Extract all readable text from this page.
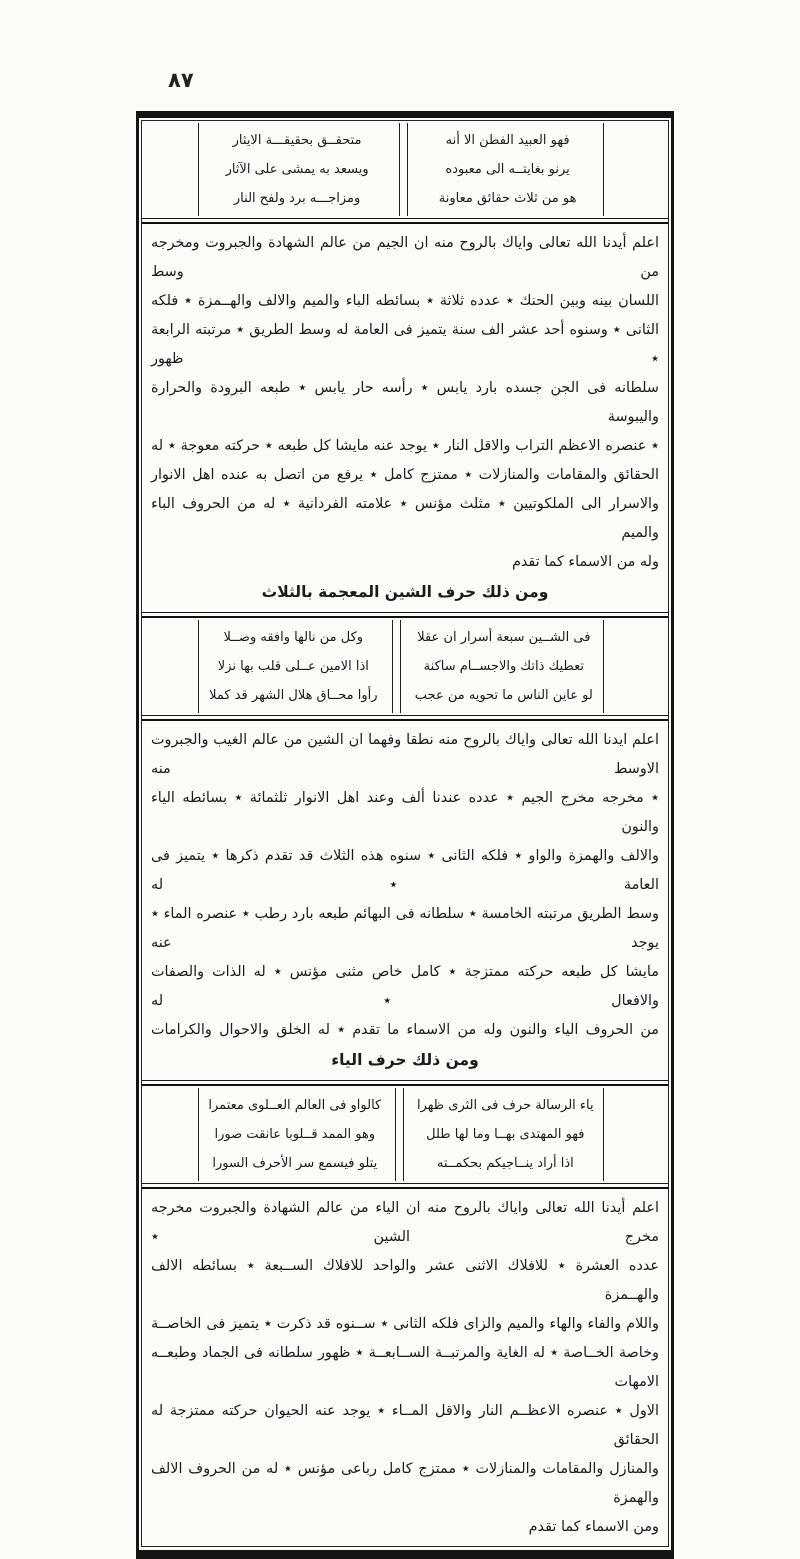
٨٧
متحقــق بحقيقـــة الايثار
ويسعد به يمشى على الآثار
ومزاجـــه برد ولفح النار
فهو العبيد الفطن الا أنه
يرنو بغايتــه الى معبوده
هو من ثلاث حقائق معاونة
اعلم أيدنا الله تعالى واياك بالروح منه ان الجيم من عالم الشهادة والجبروت ومخرجه من وسط
اللسان بينه وبين الحنك ٭ عدده ثلاثة ٭ بسائطه الباء والميم والالف والهــمزة ٭ فلكه
الثانى ٭ وسنوه أحد عشر الف سنة يتميز فى العامة له وسط الطريق ٭ مرتبته الرابعة ٭ ظهور
سلطانه فى الجن جسده بارد يابس ٭ رأسه حار يابس ٭ طبعه البرودة والحرارة واليبوسة
٭ عنصره الاعظم التراب والاقل النار ٭ يوجد عنه مايشا كل طبعه ٭ حركته معوجة ٭ له
الحقائق والمقامات والمنازلات ٭ ممتزج كامل ٭ يرفع من اتصل به عنده اهل الانوار
والاسرار الى الملكوتيين ٭ مثلث مؤنس ٭ علامته الفردانية ٭ له من الحروف الباء والميم
وله من الاسماء كما تقدم
ومن ذلك حرف الشين المعجمة بالثلاث
وكل من نالها وافقه وصــلا
اذا الامين عــلى قلب بها نزلا
رأوا محــاق هلال الشهر قد كملا
فى الشــين سبعة أسرار ان عقلا
تعطيك ذاتك والاجســام ساكنة
لو عاين الناس ما تحويه من عجب
اعلم ايدنا الله تعالى واياك بالروح منه نطقا وفهما ان الشين من عالم الغيب والجبروت الاوسط منه
٭ مخرجه مخرج الجيم ٭ عدده عندنا ألف وعند اهل الانوار ثلثمائة ٭ بسائطه الياء والنون
والالف والهمزة والواو ٭ فلكه الثانى ٭ سنوه هذه الثلاث قد تقدم ذكرها ٭ يتميز فى العامة ٭ له
وسط الطريق مرتبته الخامسة ٭ سلطانه فى البهائم طبعه بارد رطب ٭ عنصره الماء ٭ يوجد عنه
مايشا كل طبعه حركته ممتزجة ٭ كامل خاص مثنى مؤنس ٭ له الذات والصفات والافعال ٭ له
من الحروف الياء والنون وله من الاسماء ما تقدم ٭ له الخلق والاحوال والكرامات
ومن ذلك حرف الياء
كالواو فى العالم العــلوى معتمرا
وهو الممد قــلوبا عانقت صورا
يتلو فيسمع سر الأحرف السورا
ياء الرسالة حرف فى الثرى ظهرا
فهو المهتدى بهــا وما لها طلل
اذا أراد ينــاجيكم بحكمــته
اعلم أيدنا الله تعالى واياك بالروح منه ان الياء من عالم الشهادة والجبروت مخرجه مخرج الشين ٭
عدده العشرة ٭ للافلاك الاثنى عشر والواحد للافلاك الســبعة ٭ بسائطه الالف والهــمزة
واللام والفاء والهاء والميم والزاى فلكه الثانى ٭ ســنوه قد ذكرت ٭ يتميز فى الخاصــة
وخاصة الخــاصة ٭ له الغاية والمرتبــة الســابعــة ٭ ظهور سلطانه فى الجماد وطبعــه الامهات
الاول ٭ عنصره الاعظــم النار والاقل المــاء ٭ يوجد عنه الحيوان حركته ممتزجة له الحقائق
والمنازل والمقامات والمنازلات ٭ ممتزج كامل رباعى مؤنس ٭ له من الحروف الالف والهمزة
ومن الاسماء كما تقدم
